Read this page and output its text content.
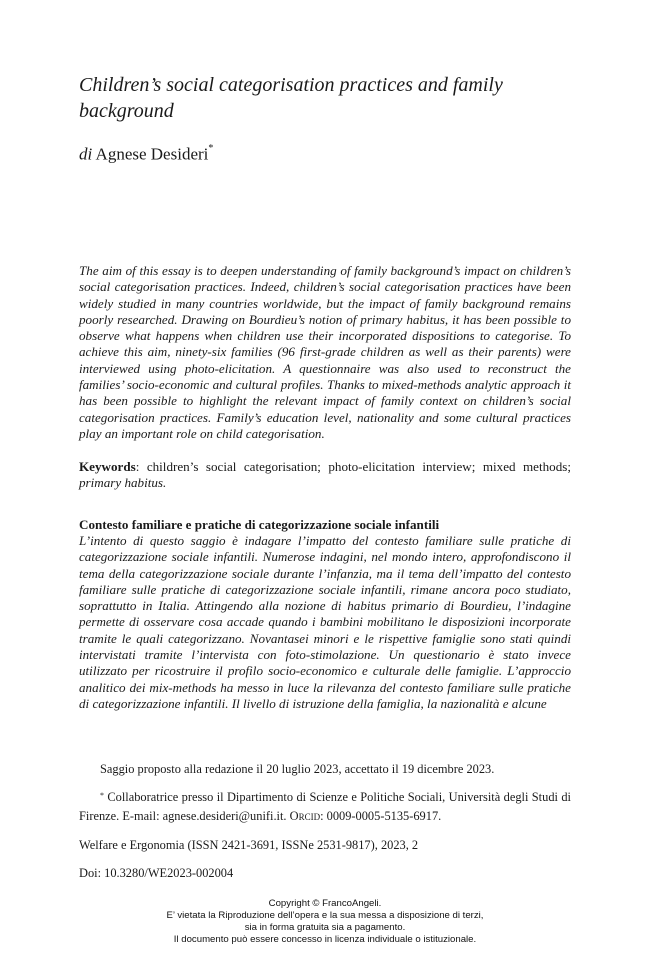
Children’s social categorisation practices and family background
di Agnese Desideri*

The aim of this essay is to deepen understanding of family background’s impact on children’s social categorisation practices. Indeed, children’s social categorisation practices have been widely studied in many countries worldwide, but the impact of family background remains poorly researched. Drawing on Bourdieu’s notion of primary habitus, it has been possible to observe what happens when children use their incorporated dispositions to categorise. To achieve this aim, ninety-six families (96 first-grade children as well as their parents) were interviewed using photo-elicitation. A questionnaire was also used to reconstruct the families’ socio-economic and cultural profiles. Thanks to mixed-methods analytic approach it has been possible to highlight the relevant impact of family context on children’s social categorisation practices. Family’s education level, nationality and some cultural practices play an important role on child categorisation.

Keywords: children’s social categorisation; photo-elicitation interview; mixed methods; primary habitus.

Contesto familiare e pratiche di categorizzazione sociale infantili

L’intento di questo saggio è indagare l’impatto del contesto familiare sulle pratiche di categorizzazione sociale infantili. Numerose indagini, nel mondo intero, approfondiscono il tema della categorizzazione sociale durante l’infanzia, ma il tema dell’impatto del contesto familiare sulle pratiche di categorizzazione sociale infantili, rimane ancora poco studiato, soprattutto in Italia. Attingendo alla nozione di habitus primario di Bourdieu, l’indagine permette di osservare cosa accade quando i bambini mobilitano le disposizioni incorporate tramite le quali categorizzano. Novantasei minori e le rispettive famiglie sono stati quindi intervistati tramite l’intervista con foto-stimolazione. Un questionario è stato invece utilizzato per ricostruire il profilo socio-economico e culturale delle famiglie. L’approccio analitico dei mix-methods ha messo in luce la rilevanza del contesto familiare sulle pratiche di categorizzazione infantili. Il livello di istruzione della famiglia, la nazionalità e alcune

Saggio proposto alla redazione il 20 luglio 2023, accettato il 19 dicembre 2023.

* Collaboratrice presso il Dipartimento di Scienze e Politiche Sociali, Università degli Studi di Firenze. E-mail: agnese.desideri@unifi.it. Orcid: 0009-0005-5135-6917.

Welfare e Ergonomia (ISSN 2421-3691, ISSNe 2531-9817), 2023, 2

Doi: 10.3280/WE2023-002004

Copyright © FrancoAngeli.
E’ vietata la Riproduzione dell’opera e la sua messa a disposizione di terzi,
sia in forma gratuita sia a pagamento.
Il documento può essere concesso in licenza individuale o istituzionale.
